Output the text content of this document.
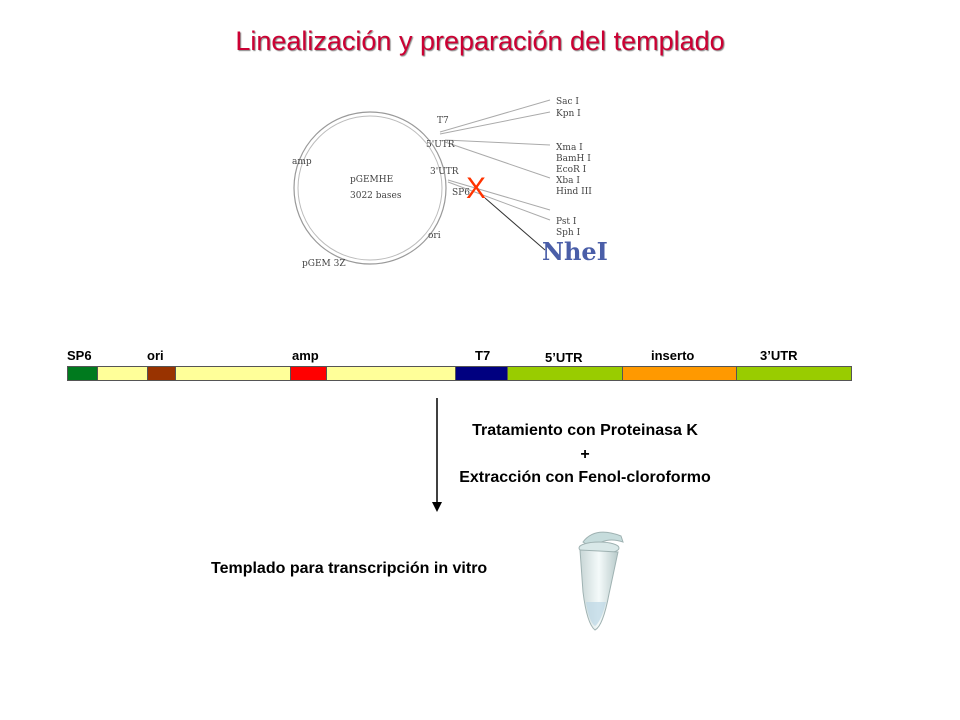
Linealización y preparación del templado
T7
5'UTR
3'UTR
SP6
amp
ori
pGEM 3Z
pGEMHE
3022 bases
Sac I
Kpn I
Xma I
BamH I
EcoR I
Xba I
Hind III
Pst I
Sph I
X
NheI
SP6	ori	amp	T7	5’UTR	inserto	3’UTR
Tratamiento con Proteinasa K
+
Extracción con Fenol-cloroformo
Templado para transcripción in vitro
